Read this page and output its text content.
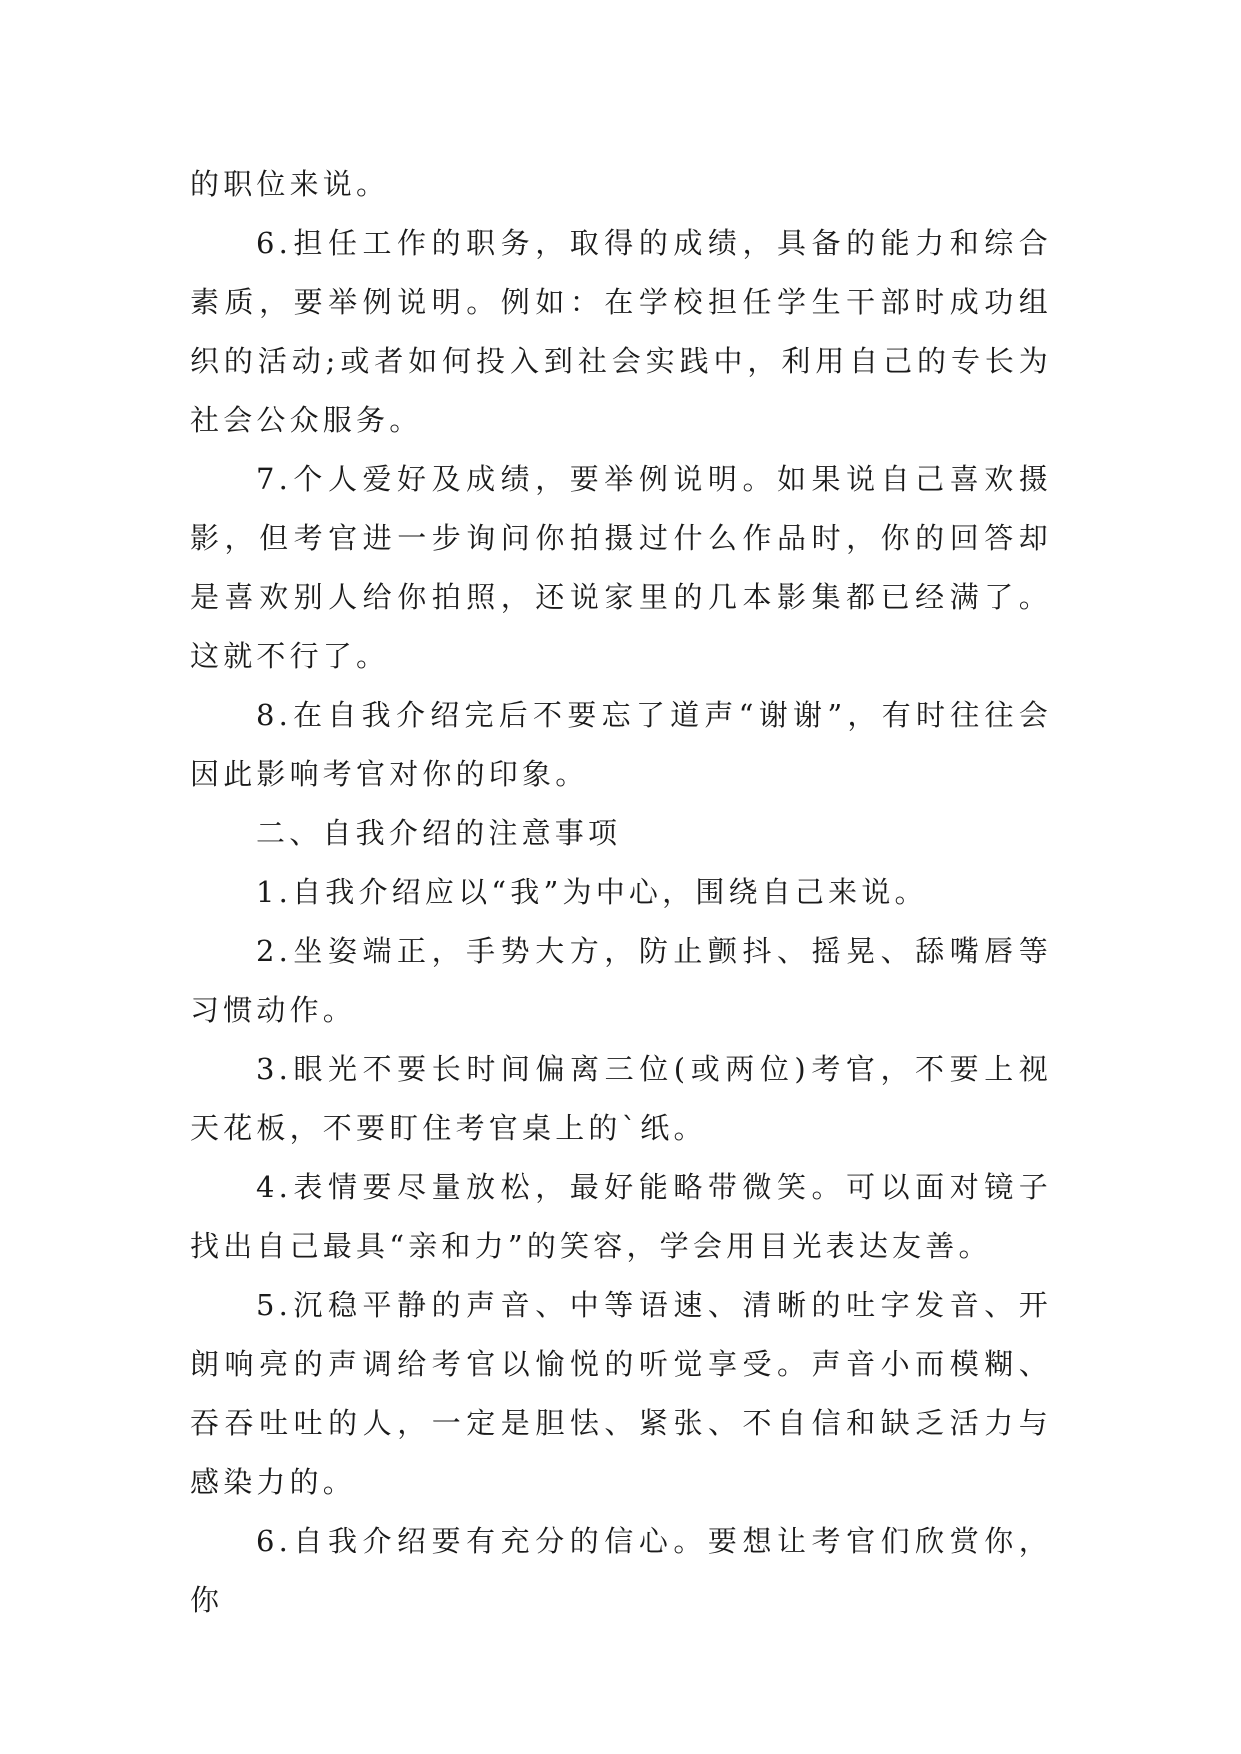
的职位来说。

6.担任工作的职务，取得的成绩，具备的能力和综合素质，要举例说明。例如：在学校担任学生干部时成功组织的活动;或者如何投入到社会实践中，利用自己的专长为社会公众服务。

7.个人爱好及成绩，要举例说明。如果说自己喜欢摄影，但考官进一步询问你拍摄过什么作品时，你的回答却是喜欢别人给你拍照，还说家里的几本影集都已经满了。这就不行了。

8.在自我介绍完后不要忘了道声“谢谢”，有时往往会因此影响考官对你的印象。

二、自我介绍的注意事项

1.自我介绍应以“我”为中心，围绕自己来说。

2.坐姿端正，手势大方，防止颤抖、摇晃、舔嘴唇等习惯动作。

3.眼光不要长时间偏离三位(或两位)考官，不要上视天花板，不要盯住考官桌上的`纸。

4.表情要尽量放松，最好能略带微笑。可以面对镜子找出自己最具“亲和力”的笑容，学会用目光表达友善。

5.沉稳平静的声音、中等语速、清晰的吐字发音、开朗响亮的声调给考官以愉悦的听觉享受。声音小而模糊、吞吞吐吐的人，一定是胆怯、紧张、不自信和缺乏活力与感染力的。

6.自我介绍要有充分的信心。要想让考官们欣赏你，你
